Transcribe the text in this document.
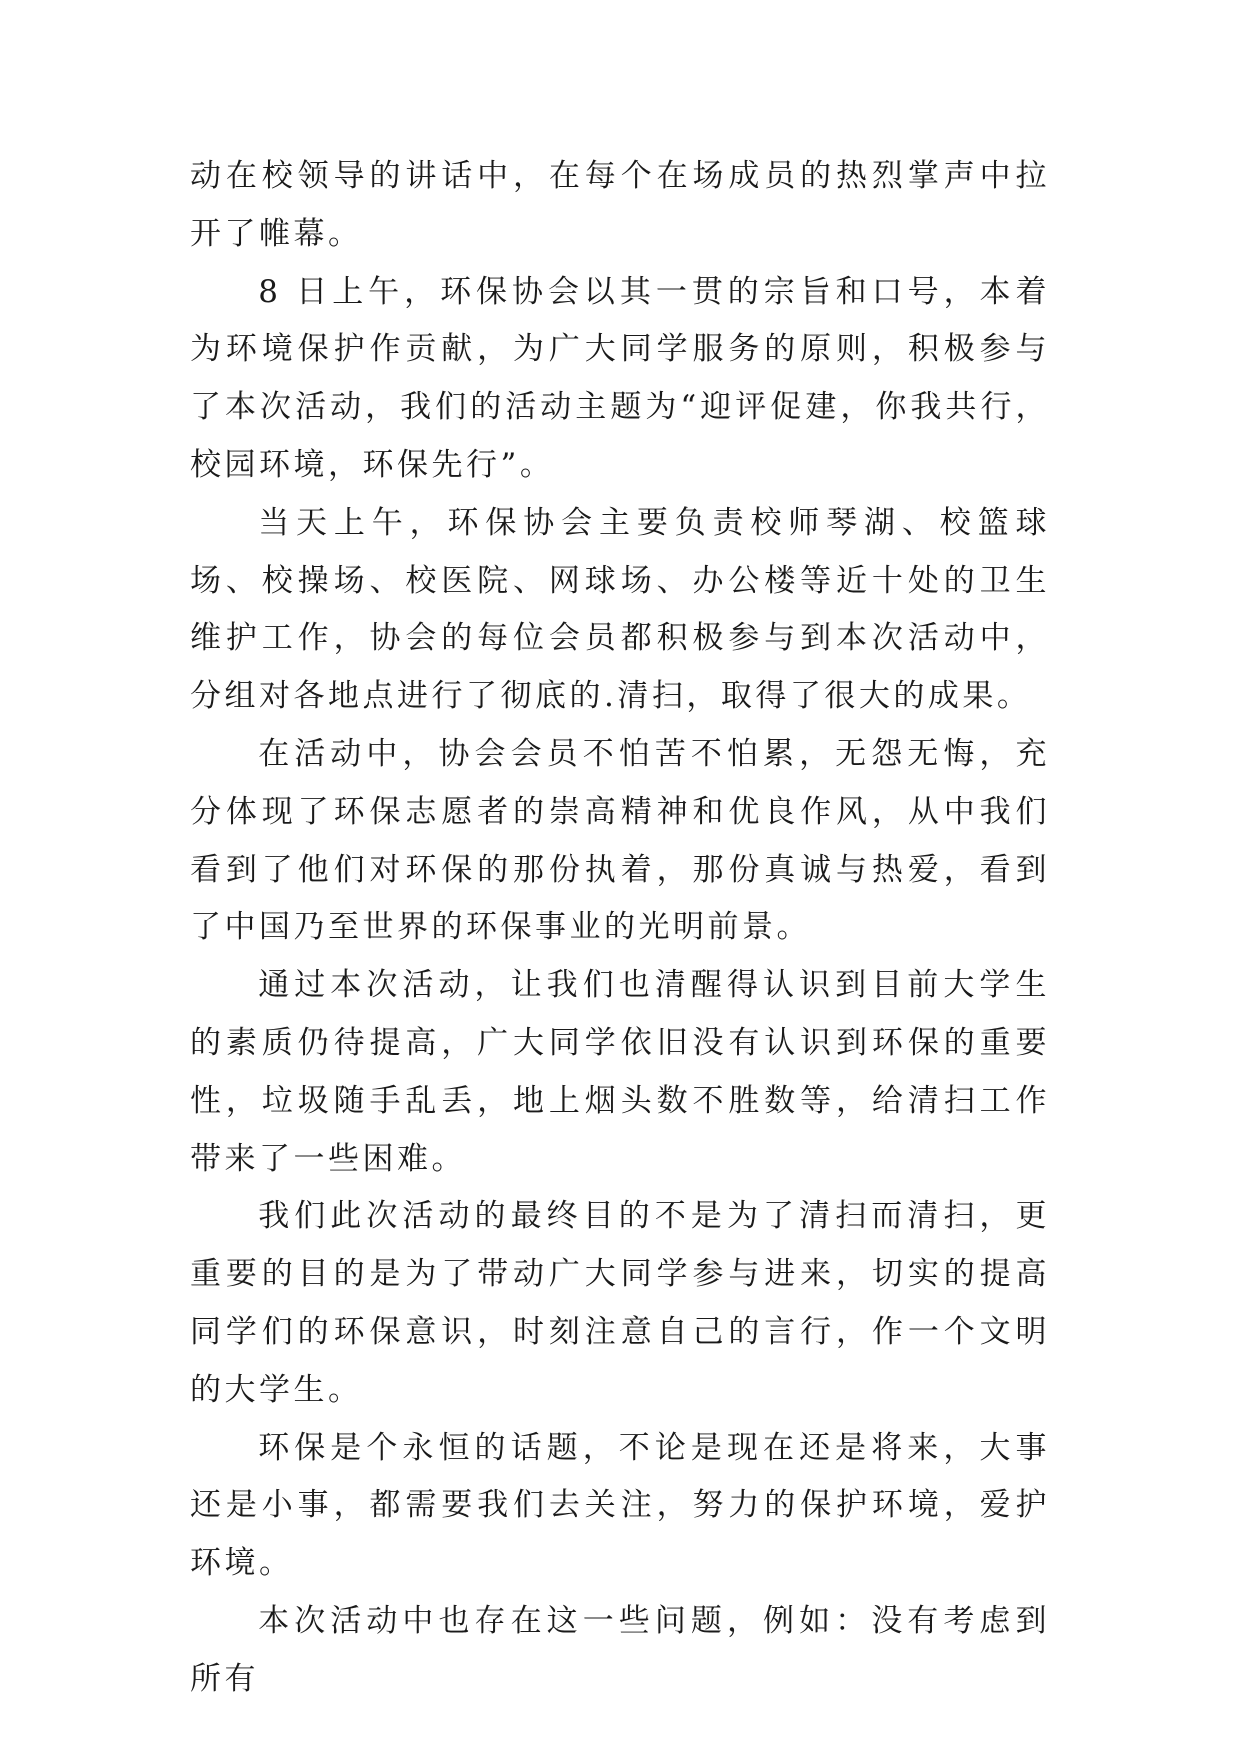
动在校领导的讲话中，在每个在场成员的热烈掌声中拉开了帷幕。

8 日上午，环保协会以其一贯的宗旨和口号，本着为环境保护作贡献，为广大同学服务的原则，积极参与了本次活动，我们的活动主题为“迎评促建，你我共行，校园环境，环保先行”。

当天上午，环保协会主要负责校师琴湖、校篮球场、校操场、校医院、网球场、办公楼等近十处的卫生维护工作，协会的每位会员都积极参与到本次活动中，分组对各地点进行了彻底的.清扫，取得了很大的成果。

在活动中，协会会员不怕苦不怕累，无怨无悔，充分体现了环保志愿者的崇高精神和优良作风，从中我们看到了他们对环保的那份执着，那份真诚与热爱，看到了中国乃至世界的环保事业的光明前景。

通过本次活动，让我们也清醒得认识到目前大学生的素质仍待提高，广大同学依旧没有认识到环保的重要性，垃圾随手乱丢，地上烟头数不胜数等，给清扫工作带来了一些困难。

我们此次活动的最终目的不是为了清扫而清扫，更重要的目的是为了带动广大同学参与进来，切实的提高同学们的环保意识，时刻注意自己的言行，作一个文明的大学生。

环保是个永恒的话题，不论是现在还是将来，大事还是小事，都需要我们去关注，努力的保护环境，爱护环境。

本次活动中也存在这一些问题，例如：没有考虑到所有
